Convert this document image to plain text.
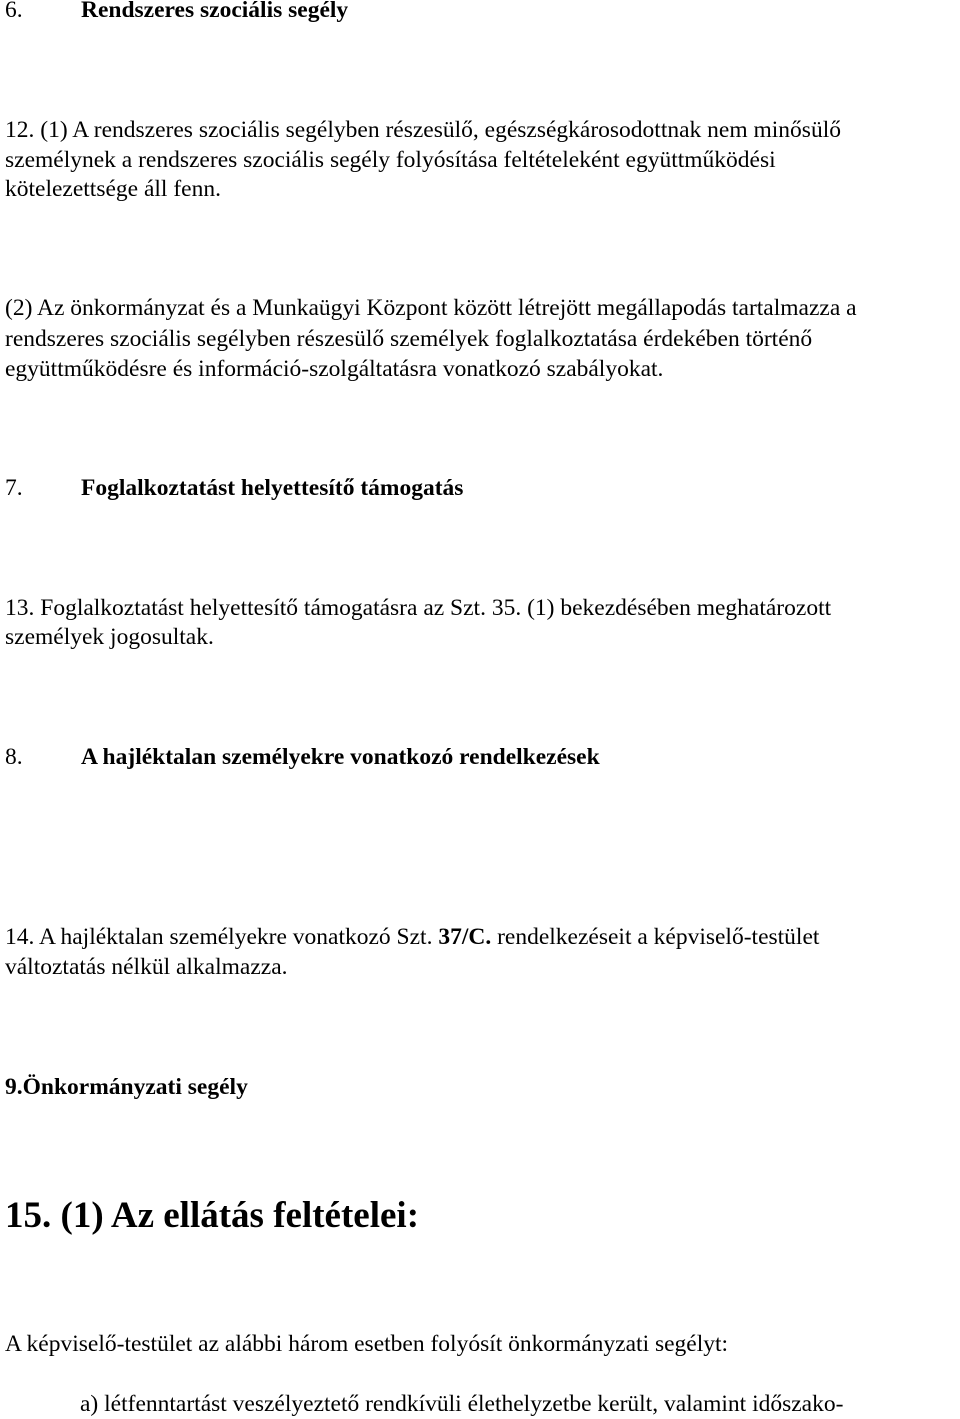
6. Rendszeres szociális segély
12. (1) A rendszeres szociális segélyben részesülő, egészségkárosodottnak nem minősülő
személynek a rendszeres szociális segély folyósítása feltételeként együttműködési
kötelezettsége áll fenn.
(2) Az önkormányzat és a Munkaügyi Központ között létrejött megállapodás tartalmazza a
rendszeres szociális segélyben részesülő személyek foglalkoztatása érdekében történő
együttműködésre és információ-szolgáltatásra vonatkozó szabályokat.
7. Foglalkoztatást helyettesítő támogatás
13. Foglalkoztatást helyettesítő támogatásra az Szt. 35. (1) bekezdésében meghatározott
személyek jogosultak.
8. A hajléktalan személyekre vonatkozó rendelkezések
14. A hajléktalan személyekre vonatkozó Szt. 37/C. rendelkezéseit a képviselő-testület
változtatás nélkül alkalmazza.
9.Önkormányzati segély
15. (1) Az ellátás feltételei:
A képviselő-testület az alábbi három esetben folyósít önkormányzati segélyt:
a) létfenntartást veszélyeztető rendkívüli élethelyzetbe került, valamint időszako-
